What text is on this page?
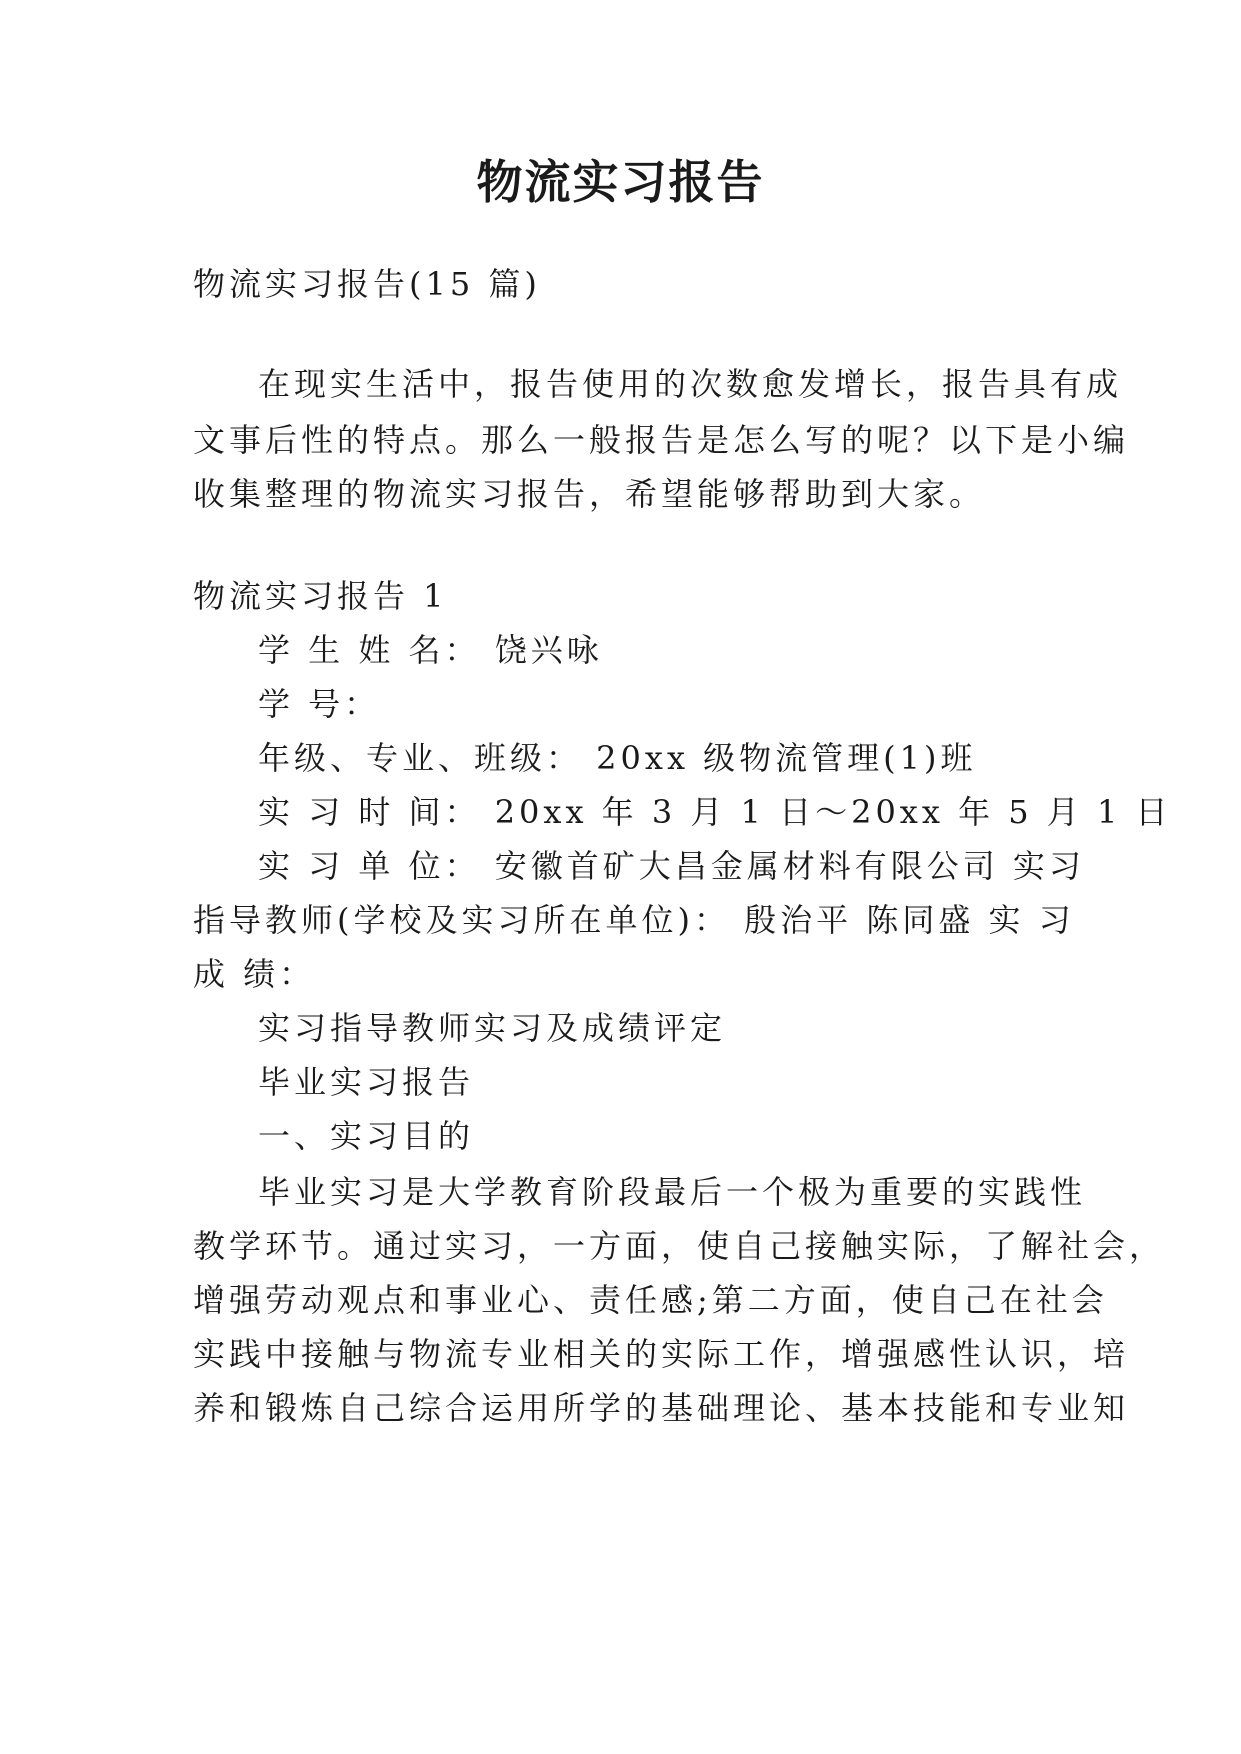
物流实习报告
物流实习报告(15 篇)
在现实生活中，报告使用的次数愈发增长，报告具有成
文事后性的特点。那么一般报告是怎么写的呢？以下是小编
收集整理的物流实习报告，希望能够帮助到大家。
物流实习报告 1
学 生 姓 名： 饶兴咏
学 号：
年级、专业、班级： 20xx 级物流管理(1)班
实 习 时 间： 20xx 年 3 月 1 日～20xx 年 5 月 1 日
实 习 单 位： 安徽首矿大昌金属材料有限公司 实习
指导教师(学校及实习所在单位)： 殷治平 陈同盛 实 习
成 绩：
实习指导教师实习及成绩评定
毕业实习报告
一、实习目的
毕业实习是大学教育阶段最后一个极为重要的实践性
教学环节。通过实习，一方面，使自己接触实际，了解社会，
增强劳动观点和事业心、责任感;第二方面，使自己在社会
实践中接触与物流专业相关的实际工作，增强感性认识，培
养和锻炼自己综合运用所学的基础理论、基本技能和专业知
